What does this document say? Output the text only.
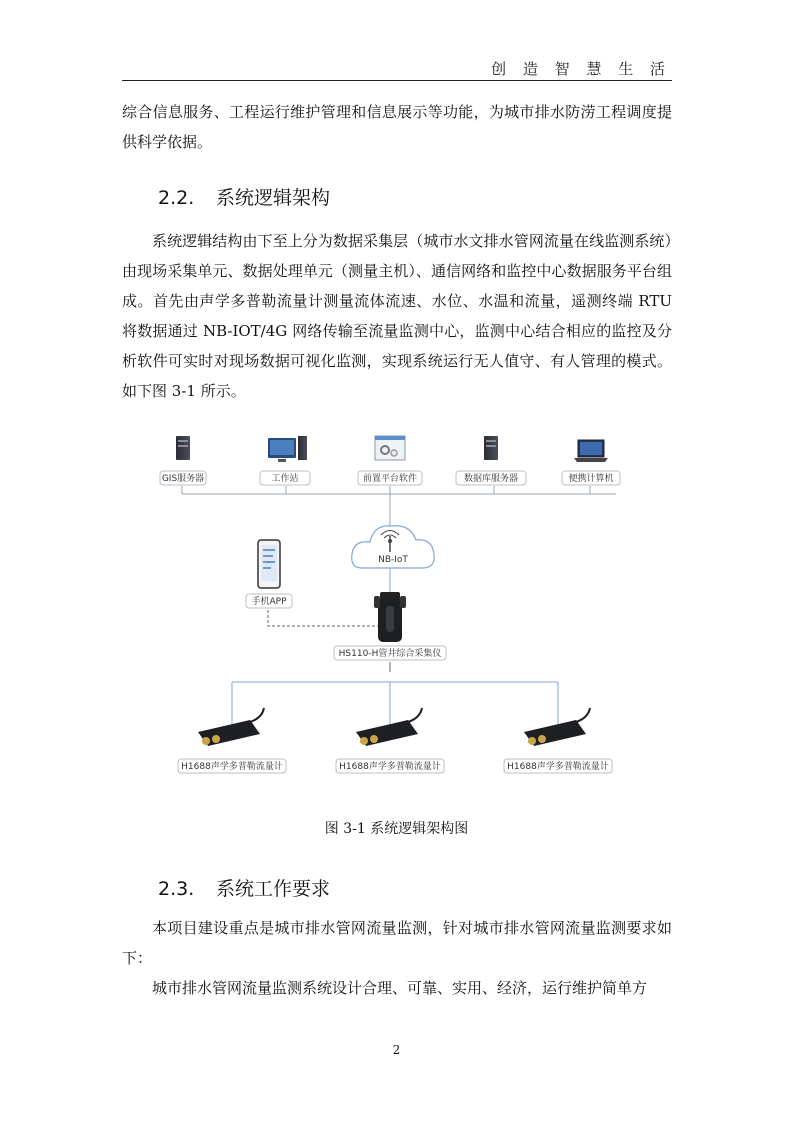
创 造 智 慧 生 活
综合信息服务、工程运行维护管理和信息展示等功能，为城市排水防涝工程调度提供科学依据。
2.2. 系统逻辑架构
系统逻辑结构由下至上分为数据采集层（城市水文排水管网流量在线监测系统）由现场采集单元、数据处理单元（测量主机）、通信网络和监控中心数据服务平台组成。首先由声学多普勒流量计测量流体流速、水位、水温和流量，遥测终端 RTU 将数据通过 NB-IOT/4G 网络传输至流量监测中心，监测中心结合相应的监控及分析软件可实时对现场数据可视化监测，实现系统运行无人值守、有人管理的模式。如下图 3-1 所示。
GIS服务器	工作站	前置平台软件	数据库服务器	便携计算机
NB-IoT
手机APP
HS110-H管井综合采集仪
H1688声学多普勒流量计	H1688声学多普勒流量计	H1688声学多普勒流量计
图 3-1 系统逻辑架构图
2.3. 系统工作要求
本项目建设重点是城市排水管网流量监测，针对城市排水管网流量监测要求如下：
城市排水管网流量监测系统设计合理、可靠、实用、经济，运行维护简单方
2
